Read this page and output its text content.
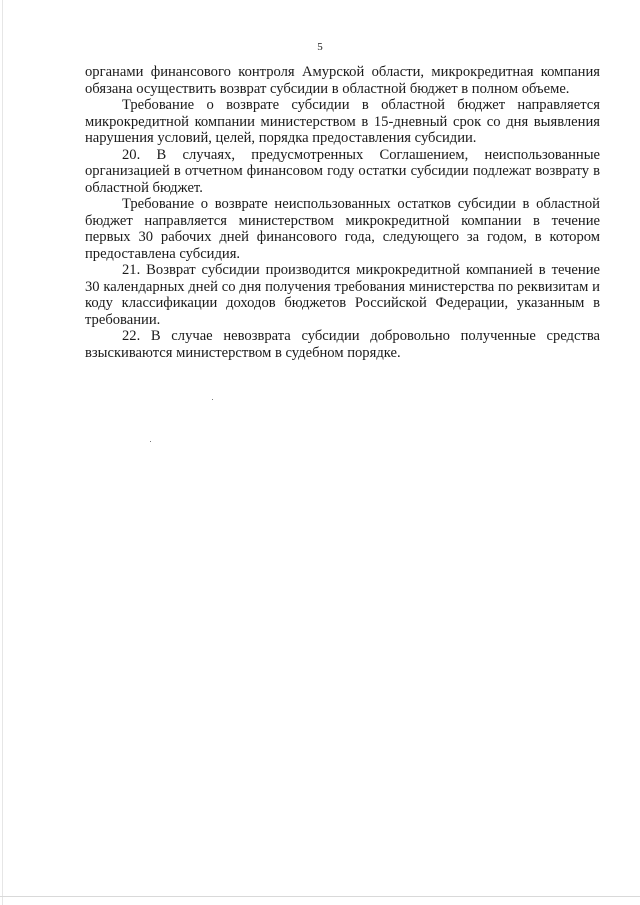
5

органами финансового контроля Амурской области, микрокредитная компания обязана осуществить возврат субсидии в областной бюджет в полном объеме.

Требование о возврате субсидии в областной бюджет направляется микрокредитной компании министерством в 15-дневный срок со дня выявления нарушения условий, целей, порядка предоставления субсидии.

20. В случаях, предусмотренных Соглашением, неиспользованные организацией в отчетном финансовом году остатки субсидии подлежат возврату в областной бюджет.

Требование о возврате неиспользованных остатков субсидии в областной бюджет направляется министерством микрокредитной компании в течение первых 30 рабочих дней финансового года, следующего за годом, в котором предоставлена субсидия.

21. Возврат субсидии производится микрокредитной компанией в течение 30 календарных дней со дня получения требования министерства по реквизитам и коду классификации доходов бюджетов Российской Федерации, указанным в требовании.

22. В случае невозврата субсидии добровольно полученные средства взыскиваются министерством в судебном порядке.
